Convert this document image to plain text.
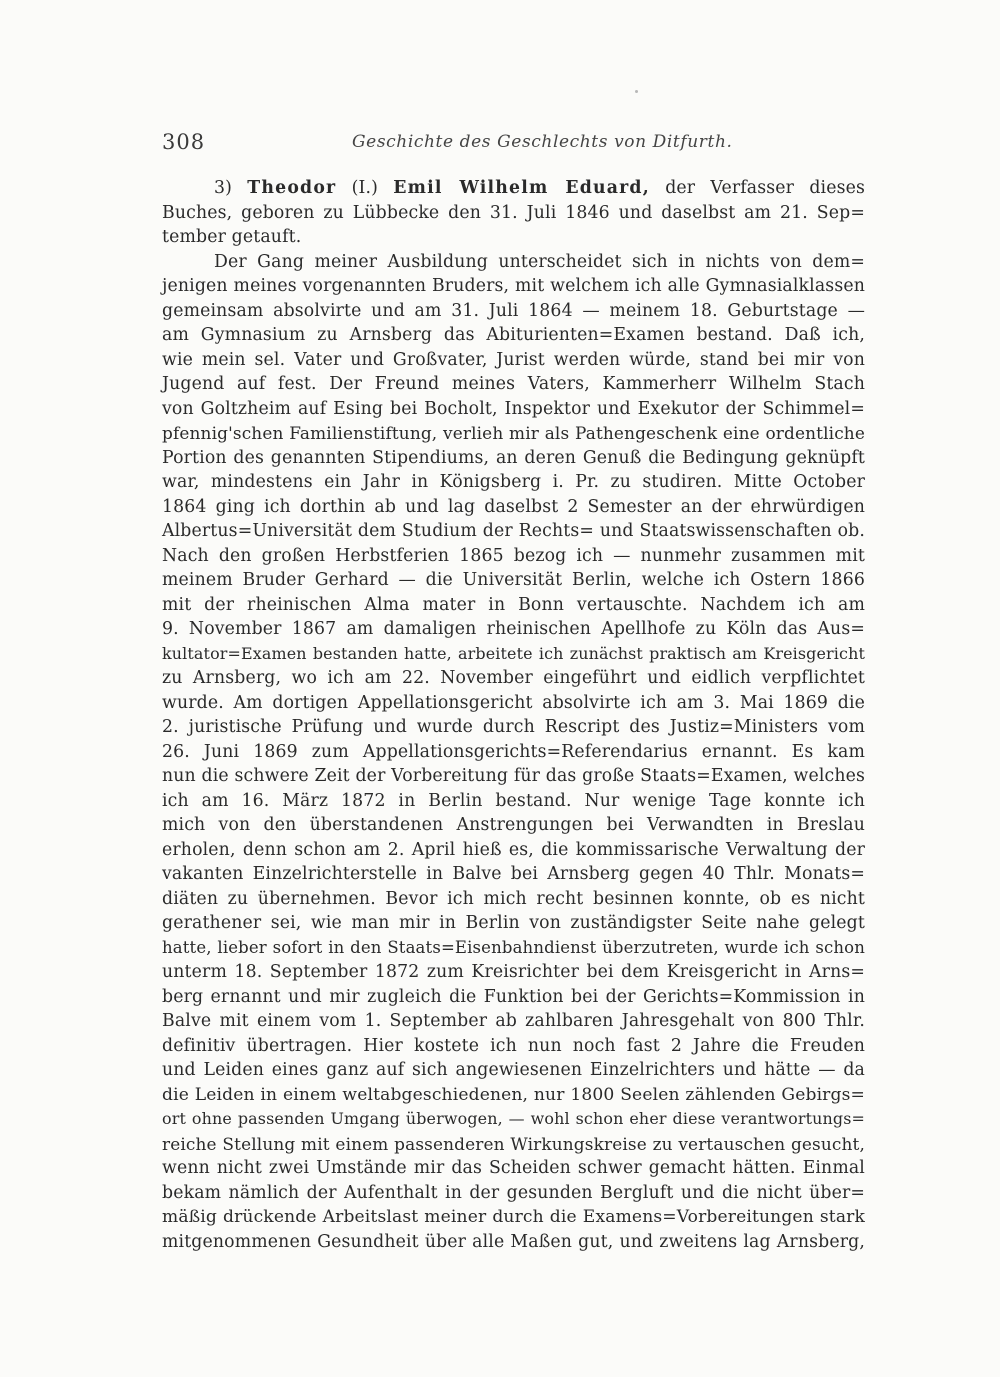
308	Geschichte des Geschlechts von Ditfurth.
3) Theodor (I.) Emil Wilhelm Eduard, der Verfasser dieses
Buches, geboren zu Lübbecke den 31. Juli 1846 und daselbst am 21. Sep=
tember getauft.
Der Gang meiner Ausbildung unterscheidet sich in nichts von dem=
jenigen meines vorgenannten Bruders, mit welchem ich alle Gymnasialklassen
gemeinsam absolvirte und am 31. Juli 1864 — meinem 18. Geburtstage —
am Gymnasium zu Arnsberg das Abiturienten=Examen bestand. Daß ich,
wie mein sel. Vater und Großvater, Jurist werden würde, stand bei mir von
Jugend auf fest. Der Freund meines Vaters, Kammerherr Wilhelm Stach
von Goltzheim auf Esing bei Bocholt, Inspektor und Exekutor der Schimmel=
pfennig'schen Familienstiftung, verlieh mir als Pathengeschenk eine ordentliche
Portion des genannten Stipendiums, an deren Genuß die Bedingung geknüpft
war, mindestens ein Jahr in Königsberg i. Pr. zu studiren. Mitte October
1864 ging ich dorthin ab und lag daselbst 2 Semester an der ehrwürdigen
Albertus=Universität dem Studium der Rechts= und Staatswissenschaften ob.
Nach den großen Herbstferien 1865 bezog ich — nunmehr zusammen mit
meinem Bruder Gerhard — die Universität Berlin, welche ich Ostern 1866
mit der rheinischen Alma mater in Bonn vertauschte. Nachdem ich am
9. November 1867 am damaligen rheinischen Apellhofe zu Köln das Aus=
kultator=Examen bestanden hatte, arbeitete ich zunächst praktisch am Kreisgericht
zu Arnsberg, wo ich am 22. November eingeführt und eidlich verpflichtet
wurde. Am dortigen Appellationsgericht absolvirte ich am 3. Mai 1869 die
2. juristische Prüfung und wurde durch Rescript des Justiz=Ministers vom
26. Juni 1869 zum Appellationsgerichts=Referendarius ernannt. Es kam
nun die schwere Zeit der Vorbereitung für das große Staats=Examen, welches
ich am 16. März 1872 in Berlin bestand. Nur wenige Tage konnte ich
mich von den überstandenen Anstrengungen bei Verwandten in Breslau
erholen, denn schon am 2. April hieß es, die kommissarische Verwaltung der
vakanten Einzelrichterstelle in Balve bei Arnsberg gegen 40 Thlr. Monats=
diäten zu übernehmen. Bevor ich mich recht besinnen konnte, ob es nicht
gerathener sei, wie man mir in Berlin von zuständigster Seite nahe gelegt
hatte, lieber sofort in den Staats=Eisenbahndienst überzutreten, wurde ich schon
unterm 18. September 1872 zum Kreisrichter bei dem Kreisgericht in Arns=
berg ernannt und mir zugleich die Funktion bei der Gerichts=Kommission in
Balve mit einem vom 1. September ab zahlbaren Jahresgehalt von 800 Thlr.
definitiv übertragen. Hier kostete ich nun noch fast 2 Jahre die Freuden
und Leiden eines ganz auf sich angewiesenen Einzelrichters und hätte — da
die Leiden in einem weltabgeschiedenen, nur 1800 Seelen zählenden Gebirgs=
ort ohne passenden Umgang überwogen, — wohl schon eher diese verantwortungs=
reiche Stellung mit einem passenderen Wirkungskreise zu vertauschen gesucht,
wenn nicht zwei Umstände mir das Scheiden schwer gemacht hätten. Einmal
bekam nämlich der Aufenthalt in der gesunden Bergluft und die nicht über=
mäßig drückende Arbeitslast meiner durch die Examens=Vorbereitungen stark
mitgenommenen Gesundheit über alle Maßen gut, und zweitens lag Arnsberg,
